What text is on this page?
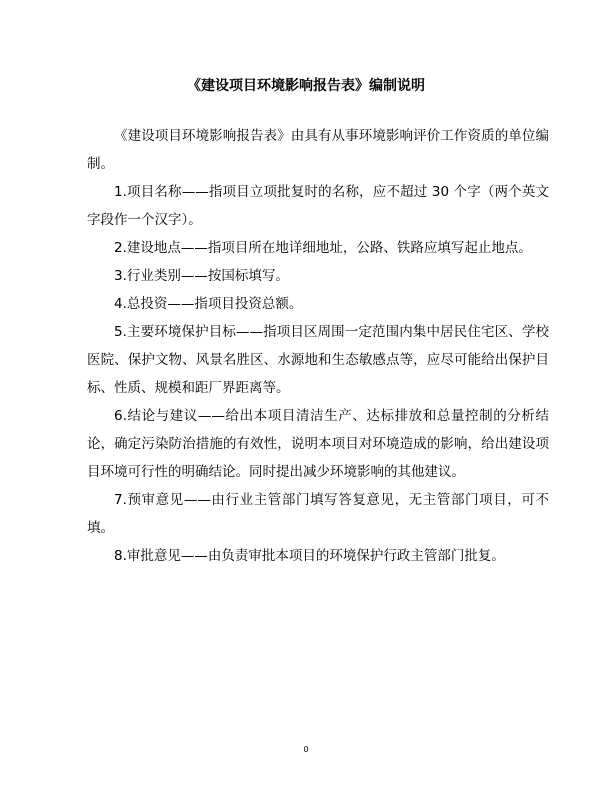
《建设项目环境影响报告表》编制说明

《建设项目环境影响报告表》由具有从事环境影响评价工作资质的单位编制。

1.项目名称——指项目立项批复时的名称，应不超过 30 个字（两个英文字段作一个汉字）。

2.建设地点——指项目所在地详细地址，公路、铁路应填写起止地点。

3.行业类别——按国标填写。

4.总投资——指项目投资总额。

5.主要环境保护目标——指项目区周围一定范围内集中居民住宅区、学校医院、保护文物、风景名胜区、水源地和生态敏感点等，应尽可能给出保护目标、性质、规模和距厂界距离等。

6.结论与建议——给出本项目清洁生产、达标排放和总量控制的分析结论，确定污染防治措施的有效性，说明本项目对环境造成的影响，给出建设项目环境可行性的明确结论。同时提出减少环境影响的其他建议。

7.预审意见——由行业主管部门填写答复意见，无主管部门项目，可不填。

8.审批意见——由负责审批本项目的环境保护行政主管部门批复。

0
